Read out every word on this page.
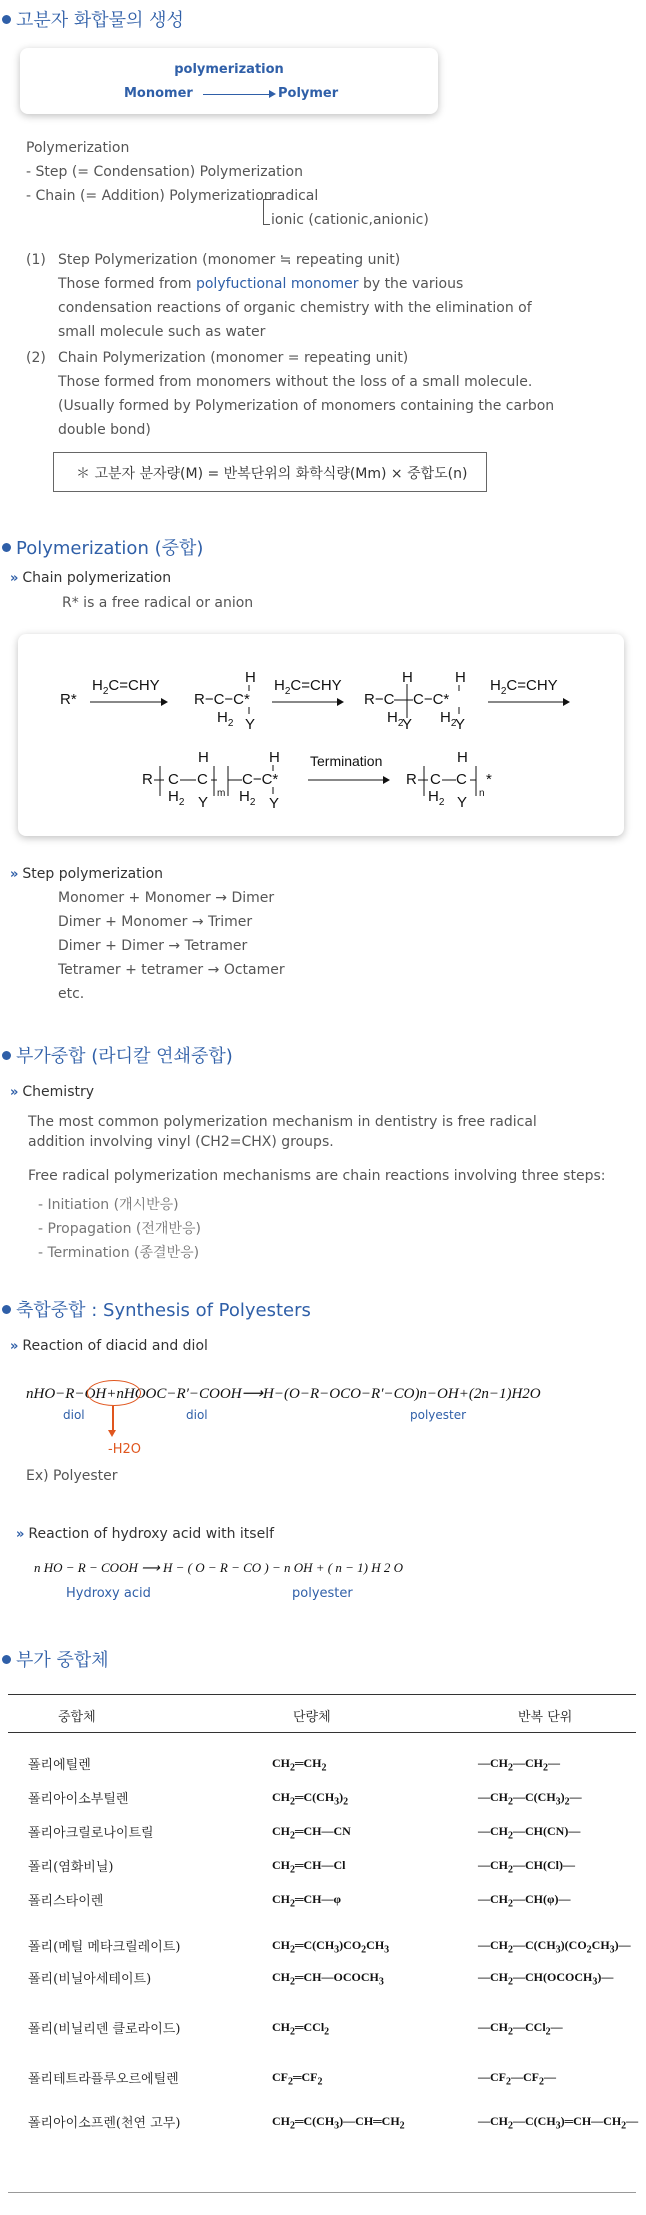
고분자 화합물의 생성
polymerization
Monomer	Polymer
Polymerization
- Step (= Condensation) Polymerization
- Chain (= Addition) Polymerization
radical
ionic (cationic,anionic)
(1) Step Polymerization (monomer ≒ repeating unit)
Those formed from polyfuctional monomer by the various
condensation reactions of organic chemistry with the elimination of
small molecule such as water
(2) Chain Polymerization (monomer = repeating unit)
Those formed from monomers without the loss of a small molecule.
(Usually formed by Polymerization of monomers containing the carbon
double bond)
＊ 고분자 분자량(M) = 반복단위의 화학식량(Mm) × 중합도(n)
Polymerization (중합)
» Chain polymerization
R* is a free radical or anion
R*
$H_2C=CHY$
R−C−C*
H
Y
$H_2$
$H_2C=CHY$
R−C C−C*
$H_2$
H
Y $H_2$
H
Y
$H_2C=CHY$
R C
$H_2$
C
H
Y
m
C−C*
$H_2$
H
Y
Termination
R C
$H_2$
C
H
Y
n
*
» Step polymerization
Monomer + Monomer → Dimer
Dimer + Monomer → Trimer
Dimer + Dimer → Tetramer
Tetramer + tetramer → Octamer
etc.
부가중합 (라디칼 연쇄중합)
» Chemistry
The most common polymerization mechanism in dentistry is free radical
addition involving vinyl (CH2=CHX) groups.
Free radical polymerization mechanisms are chain reactions involving three steps:
- Initiation (개시반응)
- Propagation (전개반응)
- Termination (종결반응)
축합중합 : Synthesis of Polyesters
» Reaction of diacid and diol
nHO−R−OH+nHOOC−R′−COOH⟶H−(O−R−OCO−R′−CO)n−OH+(2n−1)H2O
diol	diol	polyester
-H2O
Ex) Polyester
» Reaction of hydroxy acid with itself
n HO − R − COOH ⟶ H − ( O − R − CO ) − n OH + ( n − 1) H 2 O
Hydroxy acid	polyester
부가 중합체
중합체	단량체	반복 단위
폴리에틸렌	$CH_2═CH_2$	$—CH_2—CH_2—$
폴리아이소부틸렌	$CH_2═C(CH_3)_2$	$—CH_2—C(CH_3)_2—$
폴리아크릴로나이트릴	$CH_2═CH—CN$	$—CH_2—CH(CN)—$
폴리(염화비닐)	$CH_2═CH—Cl$	$—CH_2—CH(Cl)—$
폴리스타이렌	$CH_2═CH—\varphi$	$—CH_2—CH(\varphi)—$
폴리(메틸 메타크릴레이트)	$CH_2═C(CH_3)CO_2CH_3$	$—CH_2—C(CH_3)(CO_2CH_3)—$
폴리(비닐아세테이트)	$CH_2═CH—OCOCH_3$	$—CH_2—CH(OCOCH_3)—$
폴리(비닐리덴 클로라이드)	$CH_2═CCl_2$	$—CH_2—CCl_2—$
폴리테트라플루오르에틸렌	$CF_2═CF_2$	$—CF_2—CF_2—$
폴리아이소프렌(천연 고무)	$CH_2═C(CH_3)—CH═CH_2$	$—CH_2—C(CH_3)═CH—CH_2—$
